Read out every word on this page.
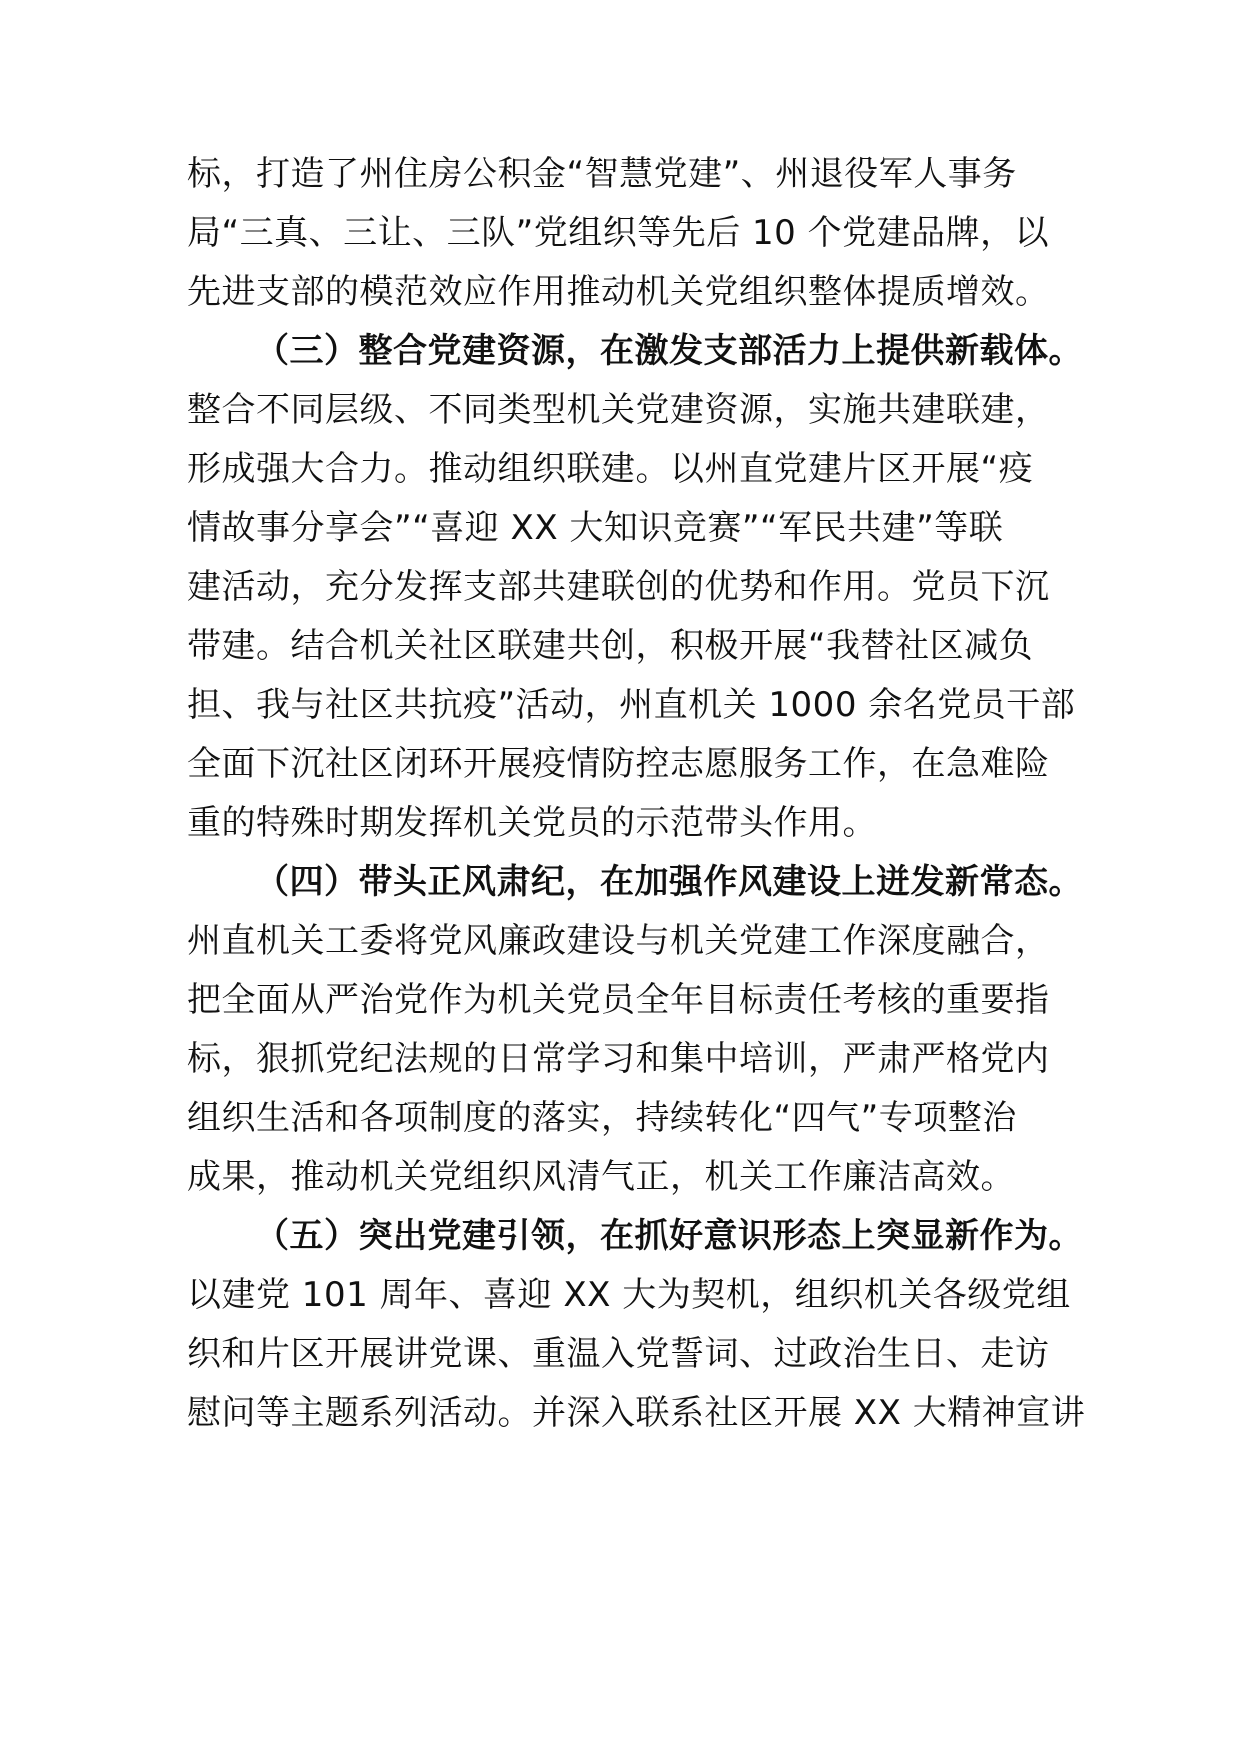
标，打造了州住房公积金“智慧党建”、州退役军人事务
局“三真、三让、三队”党组织等先后 10 个党建品牌，以
先进支部的模范效应作用推动机关党组织整体提质增效。
（三）整合党建资源，在激发支部活力上提供新载体。
整合不同层级、不同类型机关党建资源，实施共建联建，
形成强大合力。推动组织联建。以州直党建片区开展“疫
情故事分享会”“喜迎 XX 大知识竞赛”“军民共建”等联
建活动，充分发挥支部共建联创的优势和作用。党员下沉
带建。结合机关社区联建共创，积极开展“我替社区减负
担、我与社区共抗疫”活动，州直机关 1000 余名党员干部
全面下沉社区闭环开展疫情防控志愿服务工作，在急难险
重的特殊时期发挥机关党员的示范带头作用。
（四）带头正风肃纪，在加强作风建设上迸发新常态。
州直机关工委将党风廉政建设与机关党建工作深度融合，
把全面从严治党作为机关党员全年目标责任考核的重要指
标，狠抓党纪法规的日常学习和集中培训，严肃严格党内
组织生活和各项制度的落实，持续转化“四气”专项整治
成果，推动机关党组织风清气正，机关工作廉洁高效。
（五）突出党建引领，在抓好意识形态上突显新作为。
以建党 101 周年、喜迎 XX 大为契机，组织机关各级党组
织和片区开展讲党课、重温入党誓词、过政治生日、走访
慰问等主题系列活动。并深入联系社区开展 XX 大精神宣讲
